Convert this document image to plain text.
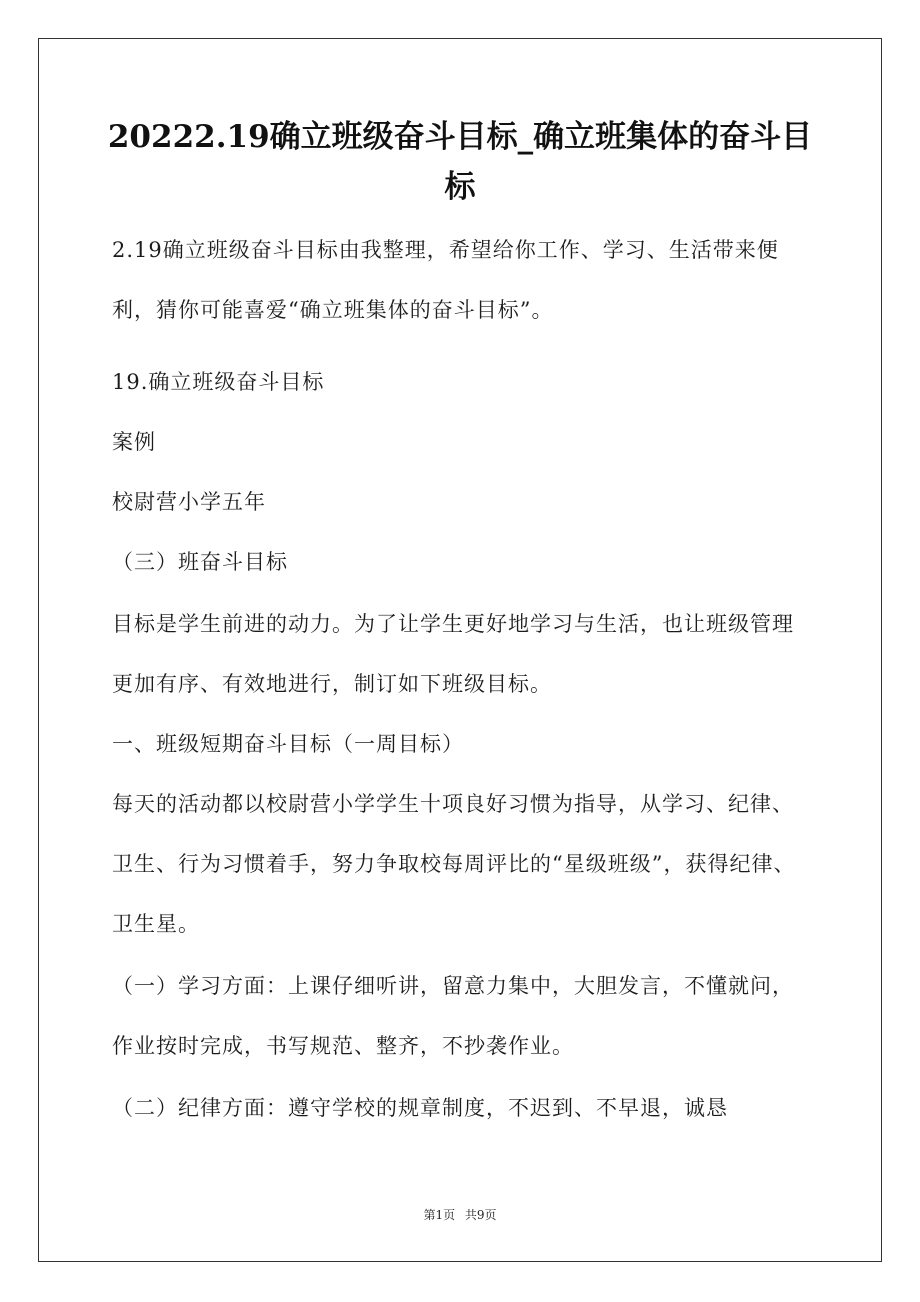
20222.19确立班级奋斗目标_确立班集体的奋斗目标
2.19确立班级奋斗目标由我整理，希望给你工作、学习、生活带来便利，猜你可能喜爱“确立班集体的奋斗目标”。
19.确立班级奋斗目标
案例
校尉营小学五年
（三）班奋斗目标
目标是学生前进的动力。为了让学生更好地学习与生活，也让班级管理更加有序、有效地进行，制订如下班级目标。
一、班级短期奋斗目标（一周目标）
每天的活动都以校尉营小学学生十项良好习惯为指导，从学习、纪律、卫生、行为习惯着手，努力争取校每周评比的“星级班级”，获得纪律、卫生星。
（一）学习方面：上课仔细听讲，留意力集中，大胆发言，不懂就问，作业按时完成，书写规范、整齐，不抄袭作业。
（二）纪律方面：遵守学校的规章制度，不迟到、不早退，诚恳
第1页 共9页
